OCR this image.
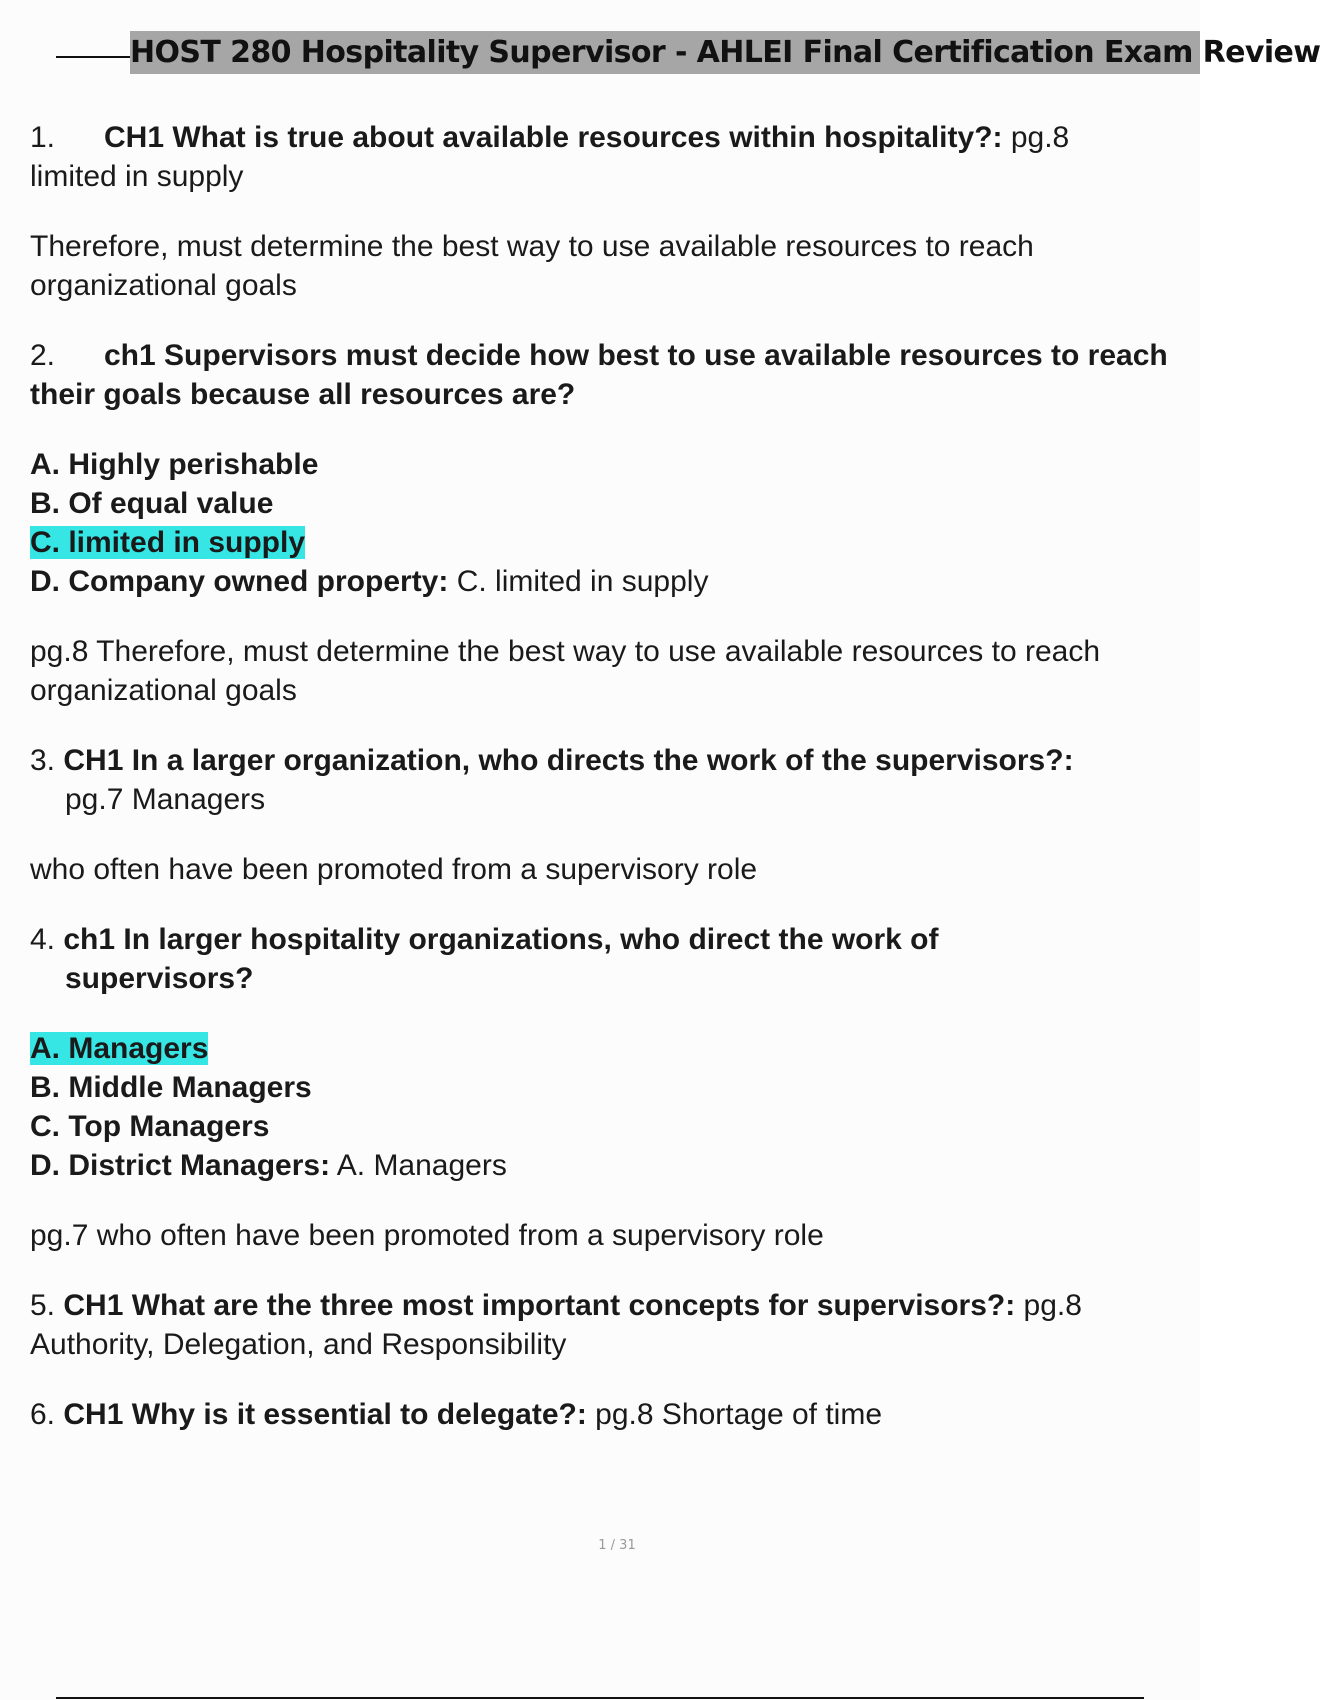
HOST 280 Hospitality Supervisor - AHLEI Final Certification Exam Review

1. CH1 What is true about available resources within hospitality?: pg.8

limited in supply

Therefore, must determine the best way to use available resources to reach organizational goals

2. ch1 Supervisors must decide how best to use available resources to reach their goals because all resources are?

A. Highly perishable

B. Of equal value

C. limited in supply

D. Company owned property: C. limited in supply

pg.8 Therefore, must determine the best way to use available resources to reach organizational goals

3. CH1 In a larger organization, who directs the work of the supervisors?:

pg.7 Managers

who often have been promoted from a supervisory role

4. ch1 In larger hospitality organizations, who direct the work of

supervisors?

A. Managers

B. Middle Managers

C. Top Managers

D. District Managers: A. Managers

pg.7 who often have been promoted from a supervisory role

5. CH1 What are the three most important concepts for supervisors?: pg.8

Authority, Delegation, and Responsibility

6. CH1 Why is it essential to delegate?: pg.8 Shortage of time

1 / 31
